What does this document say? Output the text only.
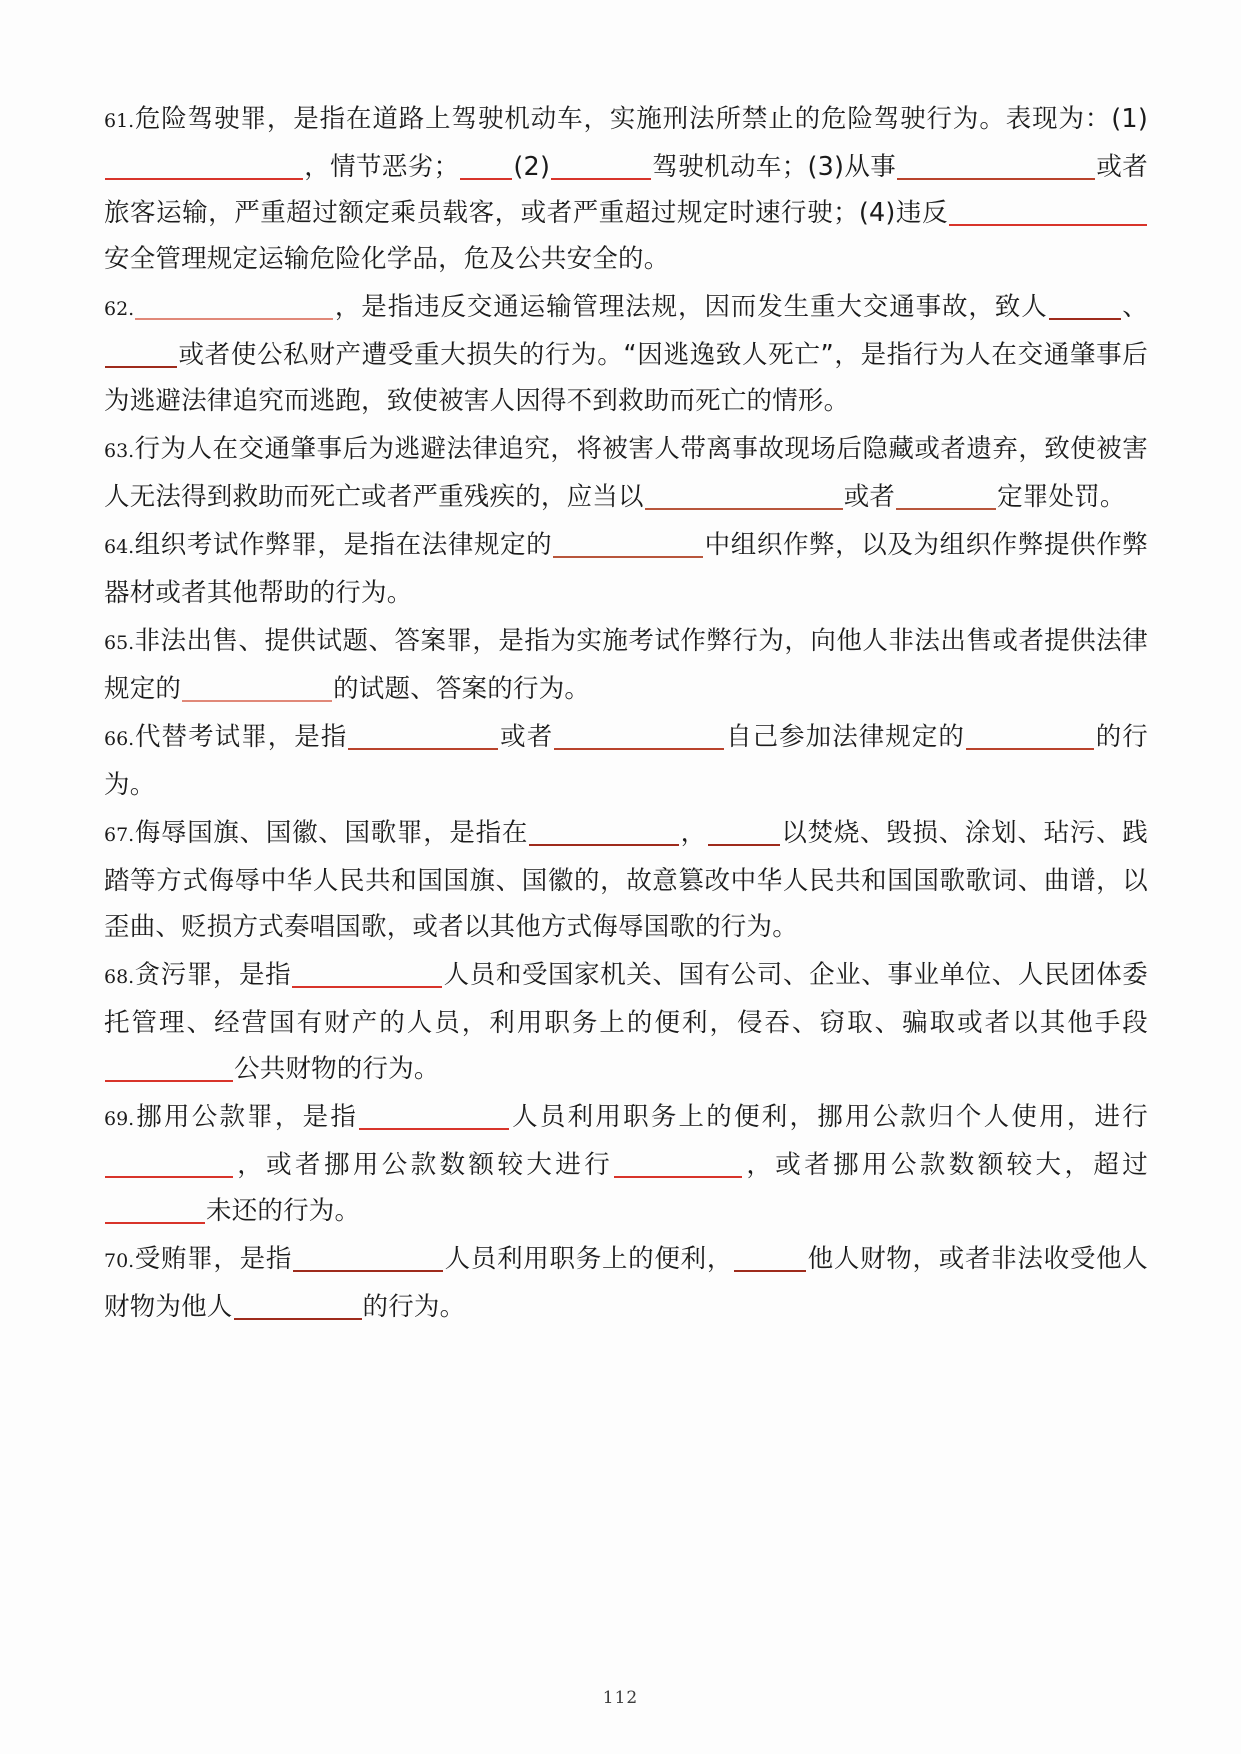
61.危险驾驶罪，是指在道路上驾驶机动车，实施刑法所禁止的危险驾驶行为。表现为：(1)，情节恶劣； (2)	驾驶机动车；(3)从事	或者旅客运输，严重超过额定乘员载客，或者严重超过规定时速行驶；(4)违反安全管理规定运输危险化学品，危及公共安全的。

62.	，是指违反交通运输管理法规，因而发生重大交通事故，致人	、或者使公私财产遭受重大损失的行为。“因逃逸致人死亡”，是指行为人在交通肇事后为逃避法律追究而逃跑，致使被害人因得不到救助而死亡的情形。

63.行为人在交通肇事后为逃避法律追究，将被害人带离事故现场后隐藏或者遗弃，致使被害人无法得到救助而死亡或者严重残疾的，应当以	或者	定罪处罚。

64.组织考试作弊罪，是指在法律规定的	中组织作弊，以及为组织作弊提供作弊器材或者其他帮助的行为。

65.非法出售、提供试题、答案罪，是指为实施考试作弊行为，向他人非法出售或者提供法律规定的	的试题、答案的行为。

66.代替考试罪，是指	或者	自己参加法律规定的	的行为。

67.侮辱国旗、国徽、国歌罪，是指在	，	以焚烧、毁损、涂划、玷污、践踏等方式侮辱中华人民共和国国旗、国徽的，故意篡改中华人民共和国国歌歌词、曲谱，以歪曲、贬损方式奏唱国歌，或者以其他方式侮辱国歌的行为。

68.贪污罪，是指	人员和受国家机关、国有公司、企业、事业单位、人民团体委托管理、经营国有财产的人员，利用职务上的便利，侵吞、窃取、骗取或者以其他手段公共财物的行为。

69.挪用公款罪，是指	人员利用职务上的便利，挪用公款归个人使用，进行，或者挪用公款数额较大进行	，或者挪用公款数额较大，超过未还的行为。

70.受贿罪，是指	人员利用职务上的便利，	他人财物，或者非法收受他人财物为他人	的行为。

112
